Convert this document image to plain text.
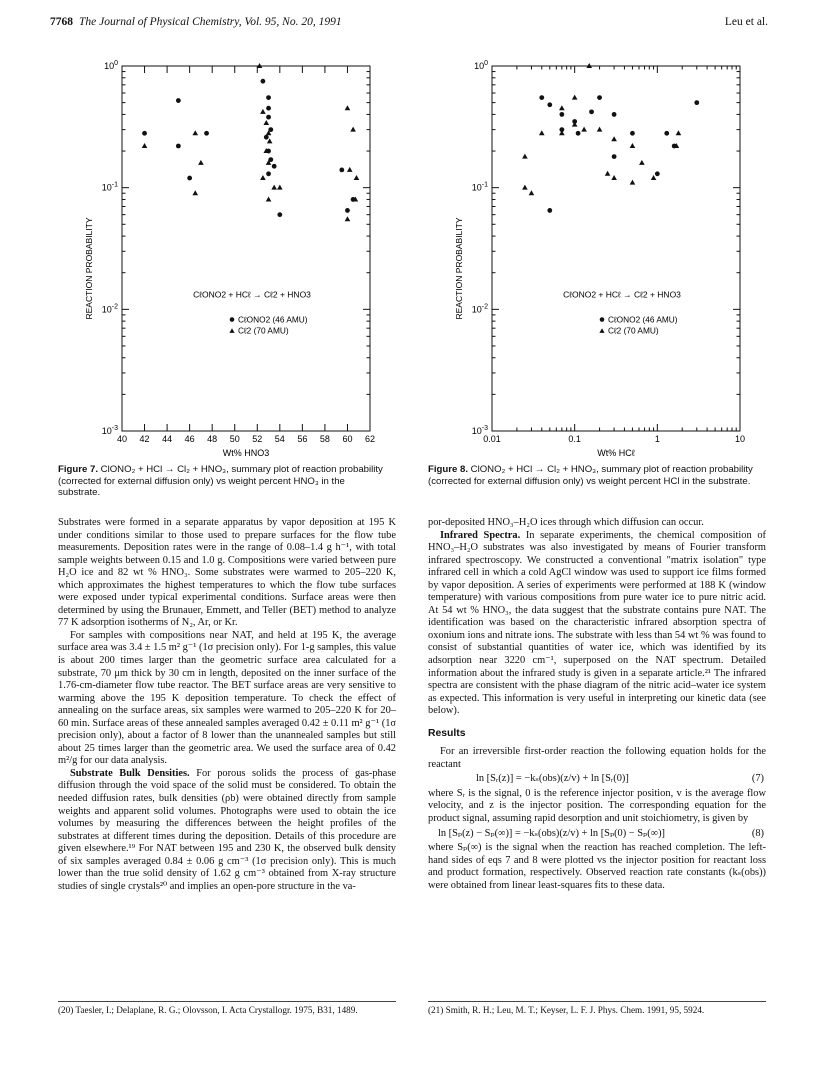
7768 The Journal of Physical Chemistry, Vol. 95, No. 20, 1991	Leu et al.
$10^{-3}$
$10^{-2}$
$10^{-1}$
$10^0$
40 42 44 46 48 50 52 54 56 58 60 62
Wt% HNO3
REACTION PROBABILITY	CℓONO2 + HCℓ → Cℓ2 + HNO3
CℓONO2 (46 AMU)
Cℓ2 (70 AMU)
$10^{-3}$
$10^{-2}$
$10^{-1}$
$10^0$
0.01	0.1	1	10
Wt% HCℓ
REACTION PROBABILITY	CℓONO2 + HCℓ → Cℓ2 + HNO3
CℓONO2 (46 AMU)
Cℓ2 (70 AMU)
Figure 7. ClONO₂ + HCl → Cl₂ + HNO₃, summary plot of reaction probability (corrected for external diffusion only) vs weight percent HNO₃ in the substrate.
Figure 8. ClONO₂ + HCl → Cl₂ + HNO₃, summary plot of reaction probability (corrected for external diffusion only) vs weight percent HCl in the substrate.

Substrates were formed in a separate apparatus by vapor deposition at 195 K under conditions similar to those used to prepare surfaces for the flow tube measurements. Deposition rates were in the range of 0.08–1.4 g h⁻¹, with total sample weights between 0.15 and 1.0 g. Compositions were varied between pure H₂O ice and 82 wt % HNO₃. Some substrates were warmed to 205–220 K, which approximates the highest temperatures to which the flow tube surfaces were exposed under typical experimental conditions. Surface areas were then determined by using the Brunauer, Emmett, and Teller (BET) method to analyze 77 K adsorption isotherms of N₂, Ar, or Kr.

For samples with compositions near NAT, and held at 195 K, the average surface area was 3.4 ± 1.5 m² g⁻¹ (1σ precision only). For 1-g samples, this value is about 200 times larger than the geometric surface area calculated for a substrate, 70 μm thick by 30 cm in length, deposited on the inner surface of the 1.76-cm-diameter flow tube reactor. The BET surface areas are very sensitive to warming above the 195 K deposition temperature. To check the effect of annealing on the surface areas, six samples were warmed to 205–220 K for 20–60 min. Surface areas of these annealed samples averaged 0.42 ± 0.11 m² g⁻¹ (1σ precision only), about a factor of 8 lower than the unannealed samples but still about 25 times larger than the geometric area. We used the surface area of 0.42 m²/g for our data analysis.

Substrate Bulk Densities. For porous solids the process of gas-phase diffusion through the void space of the solid must be considered. To obtain the needed diffusion rates, bulk densities (ρb) were obtained directly from sample weights and apparent solid volumes. Photographs were used to obtain the ice volumes by measuring the differences between the height profiles of the substrates at different times during the deposition. Details of this procedure are given elsewhere.¹⁹ For NAT between 195 and 230 K, the observed bulk density of six samples averaged 0.84 ± 0.06 g cm⁻³ (1σ precision only). This is much lower than the true solid density of 1.62 g cm⁻³ obtained from X-ray structure studies of single crystals²⁰ and implies an open-pore structure in the va-

por-deposited HNO₃–H₂O ices through which diffusion can occur.

Infrared Spectra. In separate experiments, the chemical composition of HNO₃–H₂O substrates was also investigated by means of Fourier transform infrared spectroscopy. We constructed a conventional "matrix isolation" type infrared cell in which a cold AgCl window was used to support ice films formed by vapor deposition. A series of experiments were performed at 188 K (window temperature) with various compositions from pure water ice to pure nitric acid. At 54 wt % HNO₃, the data suggest that the substrate contains pure NAT. The identification was based on the characteristic infrared absorption spectra of oxonium ions and nitrate ions. The substrate with less than 54 wt % was found to consist of substantial quantities of water ice, which was identified by its adsorption near 3220 cm⁻¹, superposed on the NAT spectrum. Detailed information about the infrared study is given in a separate article.²¹ The infrared spectra are consistent with the phase diagram of the nitric acid–water ice system as expected. This information is very useful in interpreting our kinetic data (see below).

Results

For an irreversible first-order reaction the following equation holds for the reactant

ln [Sᵣ(z)] = −kₛ(obs)(z/v) + ln [Sᵣ(0)]	(7)

where Sᵣ is the signal, 0 is the reference injector position, v is the average flow velocity, and z is the injector position. The corresponding equation for the product signal, assuming rapid desorption and unit stoichiometry, is given by

ln [Sₚ(z) − Sₚ(∞)] = −kₛ(obs)(z/v) + ln [Sₚ(0) − Sₚ(∞)]	(8)

where Sₚ(∞) is the signal when the reaction has reached completion. The left-hand sides of eqs 7 and 8 were plotted vs the injector position for reactant loss and product formation, respectively. Observed reaction rate constants (kₛ(obs)) were obtained from linear least-squares fits to these data.

(20) Taesler, I.; Delaplane, R. G.; Olovsson, I. Acta Crystallogr. 1975, B31, 1489.	(21) Smith, R. H.; Leu, M. T.; Keyser, L. F. J. Phys. Chem. 1991, 95, 5924.
